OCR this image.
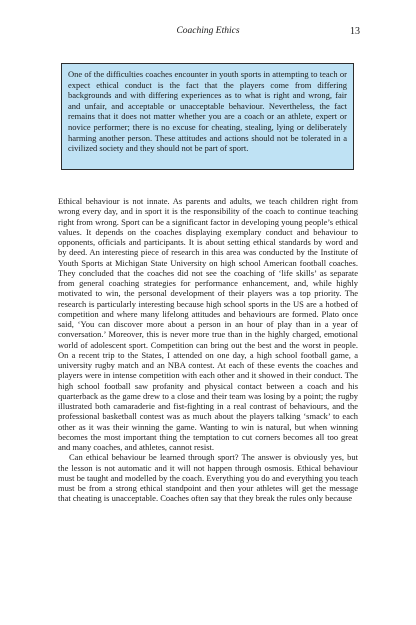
Coaching Ethics	13
One of the difficulties coaches encounter in youth sports in attempting to teach or expect ethical conduct is the fact that the players come from differing backgrounds and with differing experiences as to what is right and wrong, fair and unfair, and acceptable or unacceptable behaviour. Nevertheless, the fact remains that it does not matter whether you are a coach or an athlete, expert or novice performer; there is no excuse for cheating, stealing, lying or deliberately harming another person. These attitudes and actions should not be tolerated in a civilized society and they should not be part of sport.

Ethical behaviour is not innate. As parents and adults, we teach children right from wrong every day, and in sport it is the responsibility of the coach to continue teaching right from wrong. Sport can be a significant factor in developing young people’s ethical values. It depends on the coaches displaying exemplary conduct and behaviour to opponents, officials and participants. It is about setting ethical standards by word and by deed. An interesting piece of research in this area was conducted by the Institute of Youth Sports at Michigan State University on high school American football coaches. They concluded that the coaches did not see the coaching of ‘life skills’ as separate from general coaching strategies for performance enhancement, and, while highly motivated to win, the personal development of their players was a top priority. The research is particularly interesting because high school sports in the US are a hotbed of competition and where many lifelong attitudes and behaviours are formed. Plato once said, ‘You can discover more about a person in an hour of play than in a year of conversation.’ Moreover, this is never more true than in the highly charged, emotional world of adolescent sport. Competition can bring out the best and the worst in people. On a recent trip to the States, I attended on one day, a high school football game, a university rugby match and an NBA contest. At each of these events the coaches and players were in intense competition with each other and it showed in their conduct. The high school football saw profanity and physical contact between a coach and his quarterback as the game drew to a close and their team was losing by a point; the rugby illustrated both camaraderie and fist-fighting in a real contrast of behaviours, and the professional basketball contest was as much about the players talking ‘smack’ to each other as it was their winning the game. Wanting to win is natural, but when winning becomes the most important thing the temptation to cut corners becomes all too great and many coaches, and athletes, cannot resist.

Can ethical behaviour be learned through sport? The answer is obviously yes, but the lesson is not automatic and it will not happen through osmosis. Ethical behaviour must be taught and modelled by the coach. Everything you do and everything you teach must be from a strong ethical standpoint and then your athletes will get the message that cheating is unacceptable. Coaches often say that they break the rules only because
